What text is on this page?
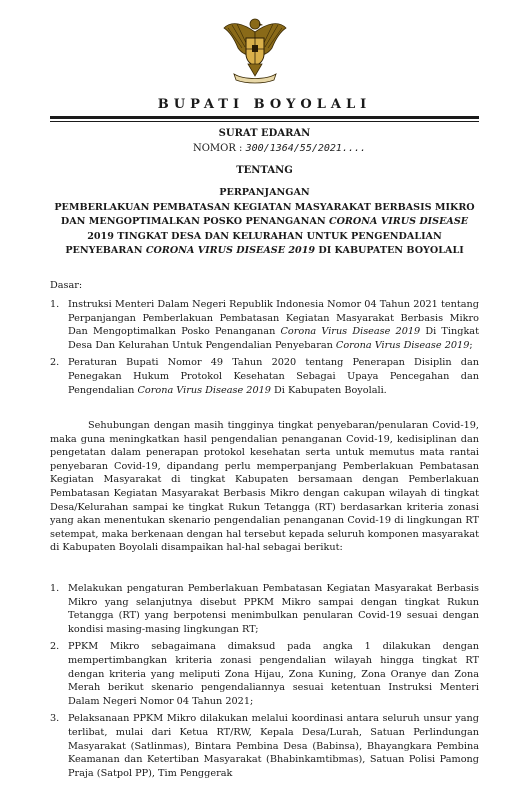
BUPATI BOYOLALI
SURAT EDARAN
NOMOR : 300/1364/55/2021....
TENTANG
PERPANJANGAN
PEMBERLAKUAN PEMBATASAN KEGIATAN MASYARAKAT BERBASIS MIKRO
DAN MENGOPTIMALKAN POSKO PENANGANAN CORONA VIRUS DISEASE
2019 TINGKAT DESA DAN KELURAHAN UNTUK PENGENDALIAN
PENYEBARAN CORONA VIRUS DISEASE 2019 DI KABUPATEN BOYOLALI
Dasar:
1. Instruksi Menteri Dalam Negeri Republik Indonesia Nomor 04 Tahun 2021 tentang Perpanjangan Pemberlakuan Pembatasan Kegiatan Masyarakat Berbasis Mikro Dan Mengoptimalkan Posko Penanganan Corona Virus Disease 2019 Di Tingkat Desa Dan Kelurahan Untuk Pengendalian Penyebaran Corona Virus Disease 2019;
2. Peraturan Bupati Nomor 49 Tahun 2020 tentang Penerapan Disiplin dan Penegakan Hukum Protokol Kesehatan Sebagai Upaya Pencegahan dan Pengendalian Corona Virus Disease 2019 Di Kabupaten Boyolali.
Sehubungan dengan masih tingginya tingkat penyebaran/penularan Covid-19, maka guna meningkatkan hasil pengendalian penanganan Covid-19, kedisiplinan dan pengetatan dalam penerapan protokol kesehatan serta untuk memutus mata rantai penyebaran Covid-19, dipandang perlu memperpanjang Pemberlakuan Pembatasan Kegiatan Masyarakat di tingkat Kabupaten bersamaan dengan Pemberlakuan Pembatasan Kegiatan Masyarakat Berbasis Mikro dengan cakupan wilayah di tingkat Desa/Kelurahan sampai ke tingkat Rukun Tetangga (RT) berdasarkan kriteria zonasi yang akan menentukan skenario pengendalian penanganan Covid-19 di lingkungan RT setempat, maka berkenaan dengan hal tersebut kepada seluruh komponen masyarakat di Kabupaten Boyolali disampaikan hal-hal sebagai berikut:
1. Melakukan pengaturan Pemberlakuan Pembatasan Kegiatan Masyarakat Berbasis Mikro yang selanjutnya disebut PPKM Mikro sampai dengan tingkat Rukun Tetangga (RT) yang berpotensi menimbulkan penularan Covid-19 sesuai dengan kondisi masing-masing lingkungan RT;
2. PPKM Mikro sebagaimana dimaksud pada angka 1 dilakukan dengan mempertimbangkan kriteria zonasi pengendalian wilayah hingga tingkat RT dengan kriteria yang meliputi Zona Hijau, Zona Kuning, Zona Oranye dan Zona Merah berikut skenario pengendaliannya sesuai ketentuan Instruksi Menteri Dalam Negeri Nomor 04 Tahun 2021;
3. Pelaksanaan PPKM Mikro dilakukan melalui koordinasi antara seluruh unsur yang terlibat, mulai dari Ketua RT/RW, Kepala Desa/Lurah, Satuan Perlindungan Masyarakat (Satlinmas), Bintara Pembina Desa (Babinsa), Bhayangkara Pembina Keamanan dan Ketertiban Masyarakat (Bhabinkamtibmas), Satuan Polisi Pamong Praja (Satpol PP), Tim Penggerak
